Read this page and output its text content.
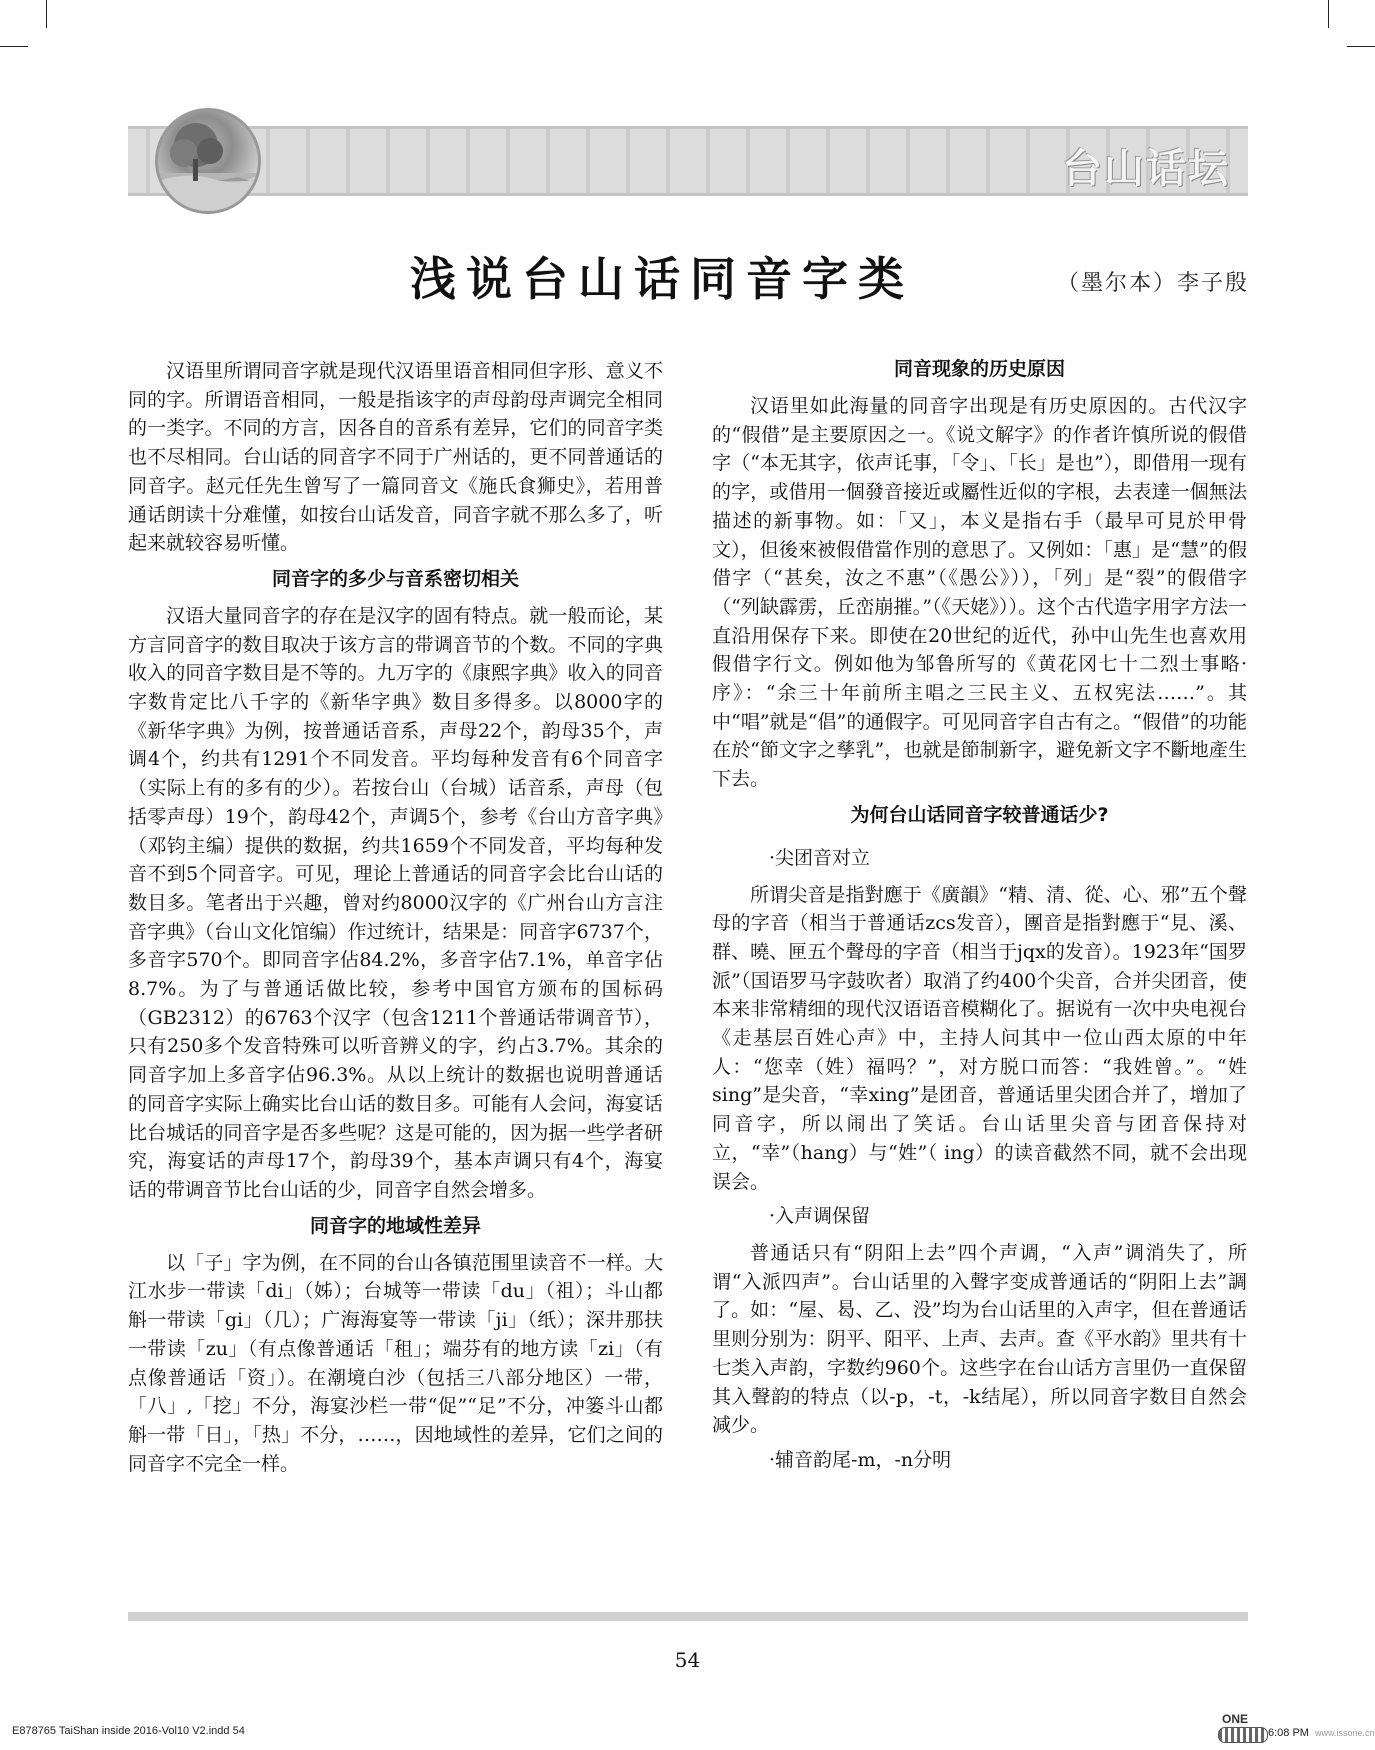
台山话坛
浅说台山话同音字类	（墨尔本）李子殷

汉语里所谓同音字就是现代汉语里语音相同但字形、意义不同的字。所谓语音相同，一般是指该字的声母韵母声调完全相同的一类字。不同的方言，因各自的音系有差异，它们的同音字类也不尽相同。台山话的同音字不同于广州话的，更不同普通话的同音字。赵元任先生曾写了一篇同音文《施氏食狮史》，若用普通话朗读十分难懂，如按台山话发音，同音字就不那么多了，听起来就较容易听懂。

同音字的多少与音系密切相关

汉语大量同音字的存在是汉字的固有特点。就一般而论，某方言同音字的数目取决于该方言的带调音节的个数。不同的字典收入的同音字数目是不等的。九万字的《康熙字典》收入的同音字数肯定比八千字的《新华字典》数目多得多。以8000字的《新华字典》为例，按普通话音系，声母22个，韵母35个，声调4个，约共有1291个不同发音。平均每种发音有6个同音字（实际上有的多有的少）。若按台山（台城）话音系，声母（包括零声母）19个，韵母42个，声调5个，参考《台山方音字典》（邓钧主编）提供的数据，约共1659个不同发音，平均每种发音不到5个同音字。可见，理论上普通话的同音字会比台山话的数目多。笔者出于兴趣，曾对约8000汉字的《广州台山方言注音字典》（台山文化馆编）作过统计，结果是：同音字6737个，多音字570个。即同音字佔84.2%，多音字佔7.1%，单音字佔8.7%。为了与普通话做比较，参考中国官方颁布的国标码（GB2312）的6763个汉字（包含1211个普通话带调音节），只有250多个发音特殊可以听音辨义的字，约占3.7%。其余的同音字加上多音字佔96.3%。从以上统计的数据也说明普通话的同音字实际上确实比台山话的数目多。可能有人会问，海宴话比台城话的同音字是否多些呢？这是可能的，因为据一些学者研究，海宴话的声母17个，韵母39个，基本声调只有4个，海宴话的带调音节比台山话的少，同音字自然会增多。

同音字的地域性差异

以「子」字为例，在不同的台山各镇范围里读音不一样。大江水步一带读「di」（姊）；台城等一带读「du」（祖）；斗山都斛一带读「gi」（几）；广海海宴等一带读「ji」（纸）；深井那扶一带读「zu」（有点像普通话「租」；端芬有的地方读「zi」（有点像普通话「资」）。在潮境白沙（包括三八部分地区）一带，「八」,「挖」不分，海宴沙栏一带“促”“足”不分，冲篓斗山都斛一带「日」，「热」不分，……，因地域性的差异，它们之间的同音字不完全一样。

同音现象的历史原因

汉语里如此海量的同音字出现是有历史原因的。古代汉字的“假借”是主要原因之一。《说文解字》的作者许慎所说的假借字（“本无其字，依声讬事，「令」、「长」是也”），即借用一现有的字，或借用一個發音接近或屬性近似的字根，去表達一個無法描述的新事物。如：「又」，本义是指右手（最早可見於甲骨文），但後來被假借當作別的意思了。又例如：「惠」是“慧”的假借字（“甚矣，汝之不惠”（《愚公》）），「列」是“裂”的假借字（“列缺霹雳，丘峦崩摧。”（《天姥》））。这个古代造字用字方法一直沿用保存下来。即使在20世纪的近代，孙中山先生也喜欢用假借字行文。例如他为邹鲁所写的《黄花冈七十二烈士事略·序》：“余三十年前所主唱之三民主义、五权宪法……”。其中“唱”就是“倡”的通假字。可见同音字自古有之。“假借”的功能在於“節文字之孳乳”，也就是節制新字，避免新文字不斷地產生下去。

为何台山话同音字较普通话少?

·尖团音对立

所谓尖音是指對應于《廣韻》“精、清、從、心、邪”五个聲母的字音（相当于普通话zcs发音），團音是指對應于“見、溪、群、曉、匣五个聲母的字音（相当于jqx的发音）。1923年“国罗派”（国语罗马字鼓吹者）取消了约400个尖音，合并尖团音，使本来非常精细的现代汉语语音模糊化了。据说有一次中央电视台《走基层百姓心声》中，主持人问其中一位山西太原的中年人：“您幸（姓）福吗？”，对方脱口而答：“我姓曾。”。“姓sing”是尖音，“幸xing”是团音，普通话里尖团合并了，增加了同音字，所以闹出了笑话。台山话里尖音与团音保持对立，“幸”（hang）与“姓”（ ing）的读音截然不同，就不会出现误会。

·入声调保留

普通话只有“阴阳上去”四个声调，“入声”调消失了，所谓“入派四声”。台山话里的入聲字变成普通话的“阴阳上去”調了。如：“屋、曷、乙、没”均为台山话里的入声字，但在普通话里则分别为：阴平、阳平、上声、去声。查《平水韵》里共有十七类入声韵，字数约960个。这些字在台山话方言里仍一直保留其入聲韵的特点（以-p，-t，-k结尾），所以同音字数目自然会减少。

·辅音韵尾-m，-n分明

54
E878765 TaiShan inside 2016-Vol10 V2.indd 54
ONE
6:08 PM www.issone.cn
